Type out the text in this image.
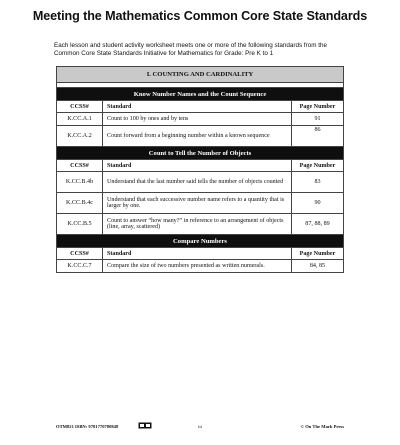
Meeting the Mathematics Common Core State Standards
Each lesson and student activity worksheet meets one or more of the following standards from the Common Core State Standards Initiative for Mathematics for Grade: Pre K to 1
I. COUNTING AND CARDINALITY		

Know Number Names and the Count Sequence		
CCSS#	Standard	Page Number
K.CC.A.1	Count to 100 by ones and by tens	91
K.CC.A.2	Count forward from a beginning number within a known sequence	86
Count to Tell the Number of Objects		
CCSS#	Standard	Page Number
K.CC.B.4b	Understand that the last number said tells the number of objects counted	83
K.CC.B.4c	Understand that each successive number name refers to a quantity that is larger by one.	90
K.CC.B.5	Count to answer “how many?” in reference to an arrangement of objects (line, array, scattered)	87, 88, 89
Compare Numbers		
CCSS#	Standard	Page Number
K.CC.C.7	Compare the size of two numbers presented as written numerals.	84, 85
OTM821 ISBN: 9781770780848	iii	© On The Mark Press
